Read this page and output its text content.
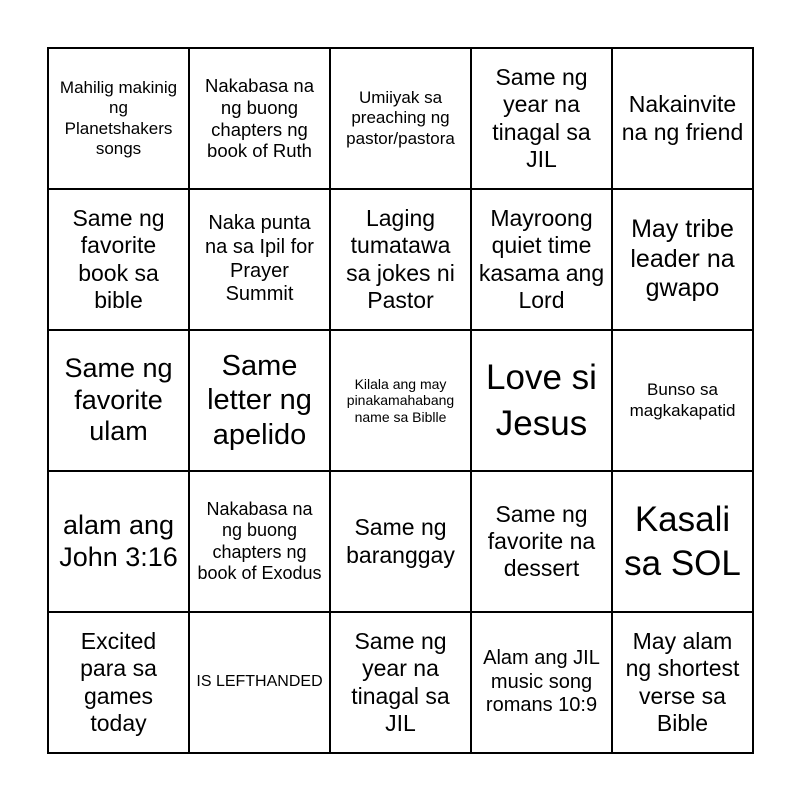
Mahilig makinig ng Planetshakers songs	Nakabasa na ng buong chapters ng book of Ruth	Umiiyak sa preaching ng pastor/pastora	Same ng year na tinagal sa JIL	Nakainvite na ng friend
Same ng favorite book sa bible	Naka punta na sa Ipil for Prayer Summit	Laging tumatawa sa jokes ni Pastor	Mayroong quiet time kasama ang Lord	May tribe leader na gwapo
Same ng favorite ulam	Same letter ng apelido	Kilala ang may pinakamahabang name sa Biblle	Love si Jesus	Bunso sa magkakapatid
alam ang John 3:16	Nakabasa na ng buong chapters ng book of Exodus	Same ng baranggay	Same ng favorite na dessert	Kasali sa SOL
Excited para sa games today	IS LEFTHANDED	Same ng year na tinagal sa JIL	Alam ang JIL music song romans 10:9	May alam ng shortest verse sa Bible
